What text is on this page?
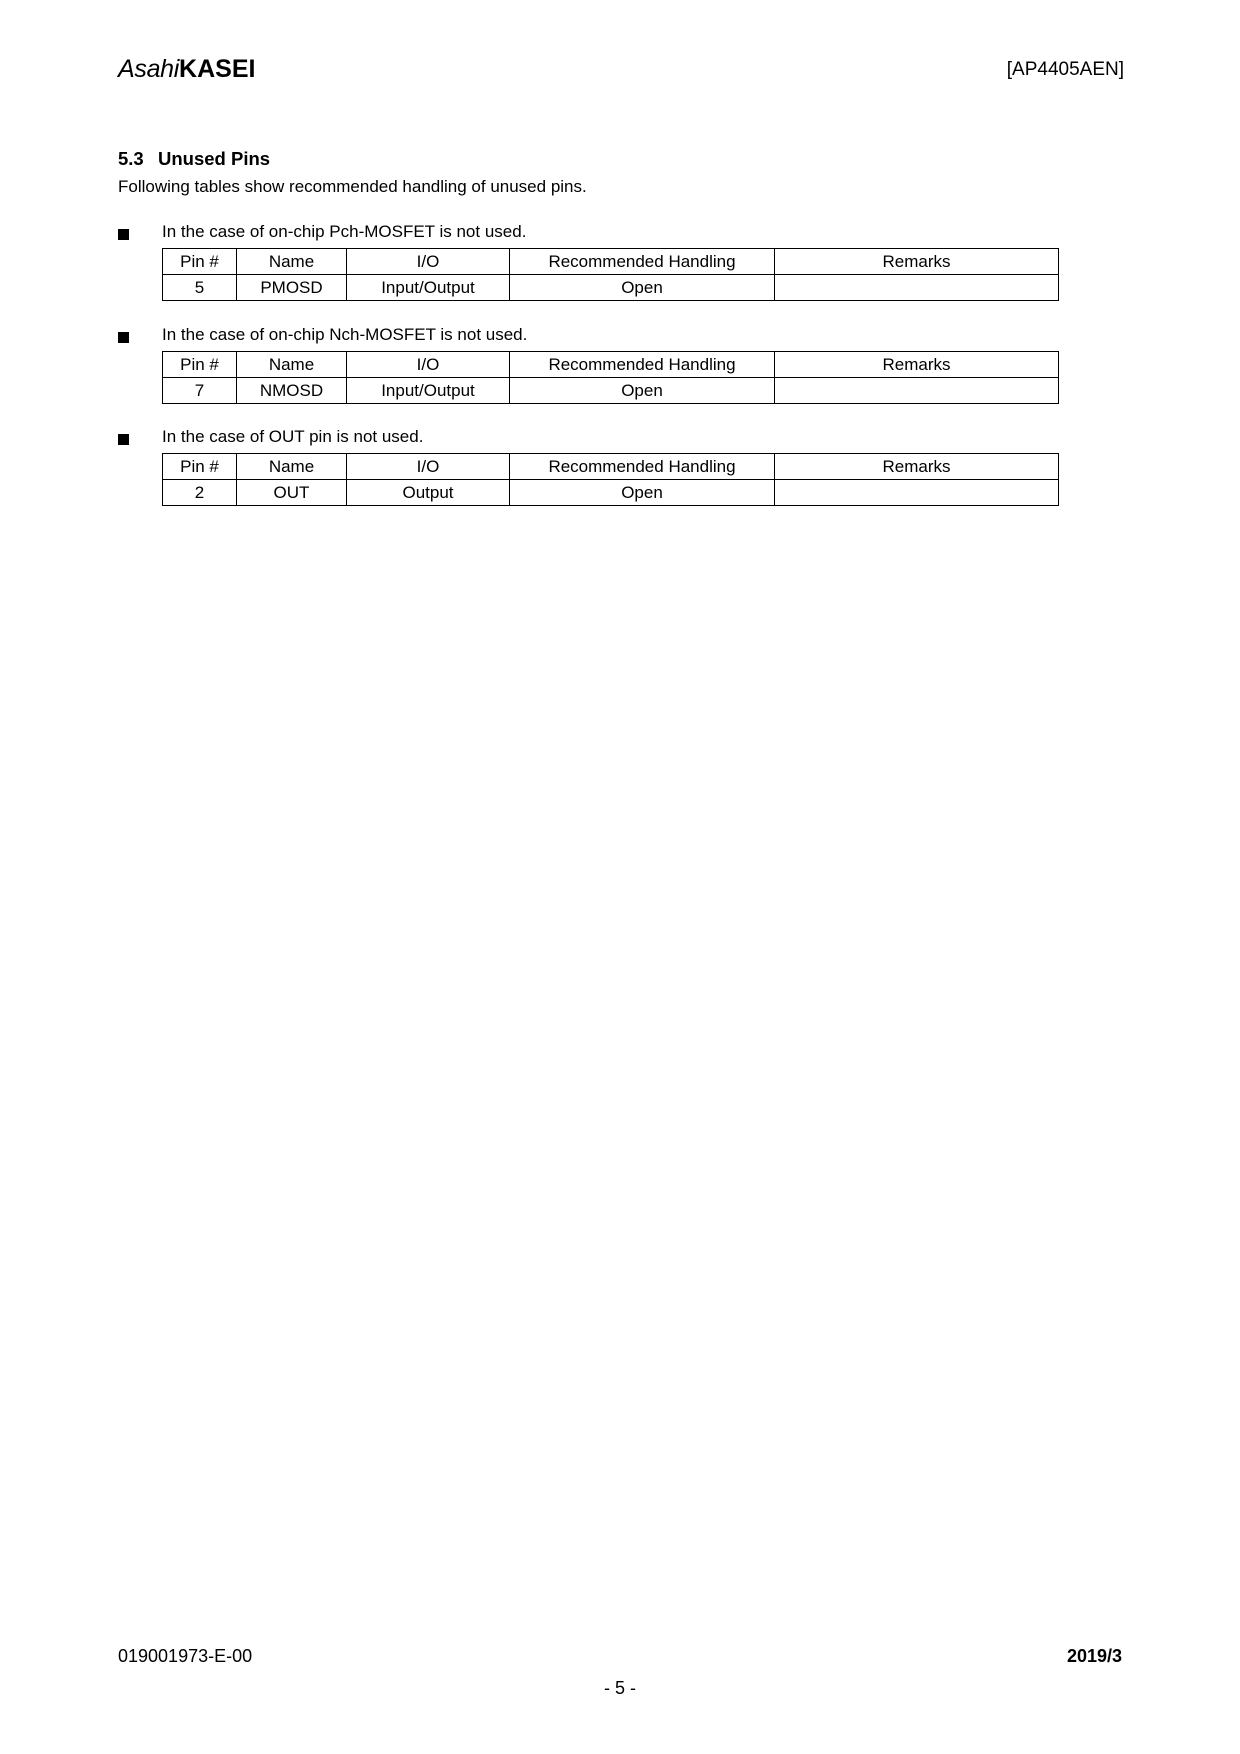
AsahiKASEI	[AP4405AEN]
5.3 Unused Pins
Following tables show recommended handling of unused pins.
In the case of on-chip Pch-MOSFET is not used.
Pin #	Name	I/O	Recommended Handling	Remarks
5	PMOSD	Input/Output	Open	
In the case of on-chip Nch-MOSFET is not used.
Pin #	Name	I/O	Recommended Handling	Remarks
7	NMOSD	Input/Output	Open	
In the case of OUT pin is not used.
Pin #	Name	I/O	Recommended Handling	Remarks
2	OUT	Output	Open	
019001973-E-00	2019/3
- 5 -
